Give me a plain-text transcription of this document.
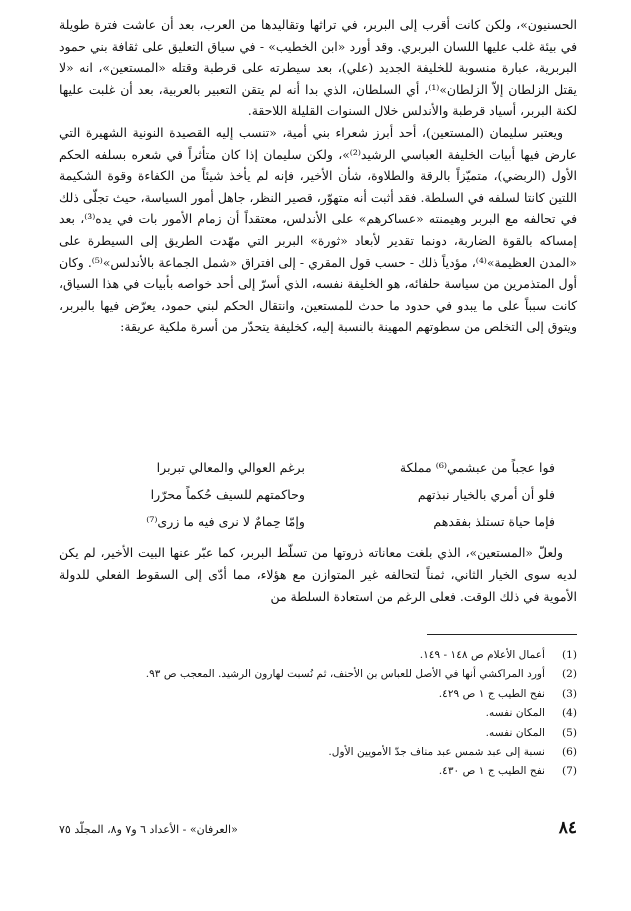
الحسنيون»، ولكن كانت أقرب إلى البربر، في تراثها وتقاليدها من العرب، بعد أن عاشت فترة طويلة في بيئة غلب عليها اللسان البربري. وقد أورد «ابن الخطيب» - في سياق التعليق على ثقافة بني حمود البربرية، عبارة منسوبة للخليفة الجديد (علي)، بعد سيطرته على قرطبة وقتله «المستعين»، انه «لا يقتل الزلطان إلاّ الزلطان»⁽¹⁾، أي السلطان، الذي بدا أنه لم يتقن التعبير بالعربية، بعد أن غلبت عليها لكنة البربر، أسياد قرطبة والأندلس خلال السنوات القليلة اللاحقة.

ويعتبر سليمان (المستعين)، أحد أبرز شعراء بني أمية، «تنسب إليه القصيدة النونية الشهيرة التي عارض فيها أبيات الخليفة العباسي الرشيد⁽²⁾»، ولكن سليمان إذا كان متأثراً في شعره بسلفه الحكم الأول (الربضي)، متميّزاً بالرقة والطلاوة، شأن الأخير، فإنه لم يأخذ شيئاً من الكفاءة وقوة الشكيمة اللتين كانتا لسلفه في السلطة. فقد أثبت أنه متهوّر، قصير النظر، جاهل أمور السياسة، حيث تجلّى ذلك في تحالفه مع البربر وهيمنته «عساكرهم» على الأندلس، معتقداً أن زمام الأمور بات في يده⁽³⁾، بعد إمساكه بالقوة الضاربة، دونما تقدير لأبعاد «ثورة» البربر التي مهّدت الطريق إلى السيطرة على «المدن العظيمة»⁽⁴⁾، مؤدياً ذلك - حسب قول المقري - إلى افتراق «شمل الجماعة بالأندلس»⁽⁵⁾. وكان أول المتذمرين من سياسة حلفائه، هو الخليفة نفسه، الذي أسرّ إلى أحد خواصه بأبيات في هذا السياق، كانت سبباً على ما يبدو في حدود ما حدث للمستعين، وانتقال الحكم لبني حمود، يعرّض فيها بالبربر، ويتوق إلى التخلص من سطوتهم المهينة بالنسبة إليه، كخليفة يتحدّر من أسرة ملكية عريقة:

فوا عجباً من عبشمي⁽⁶⁾ مملكة
برغم العوالي والمعالي تبربرا
فلو أن أمري بالخيار نبذتهم
وحاكمتهم للسيف حُكماً محرّرا
فإما حياة تستلذ بفقدهم
وإمّا حِمامٌ لا نرى فيه ما زرى⁽⁷⁾

ولعلّ «المستعين»، الذي بلغت معاناته ذروتها من تسلّط البربر، كما عبّر عنها البيت الأخير، لم يكن لديه سوى الخيار الثاني، ثمناً لتحالفه غير المتوازن مع هؤلاء، مما أدّى إلى السقوط الفعلي للدولة الأموية في ذلك الوقت. فعلى الرغم من استعادة السلطة من

(1)
أعمال الأعلام ص ١٤٨ - ١٤٩.
(2)
أورد المراكشي أنها في الأصل للعباس بن الأحنف، ثم نُسبت لهارون الرشيد. المعجب ص ٩٣.
(3)
نفح الطيب ج ١ ص ٤٢٩.
(4)
المكان نفسه.
(5)
المكان نفسه.
(6)
نسبة إلى عبد شمس عبد مناف جدّ الأمويين الأول.
(7)
نفح الطيب ج ١ ص ٤٣٠.
٨٤
«العرفان» - الأعداد ٦ و٧ و٨، المجلّد ٧٥
